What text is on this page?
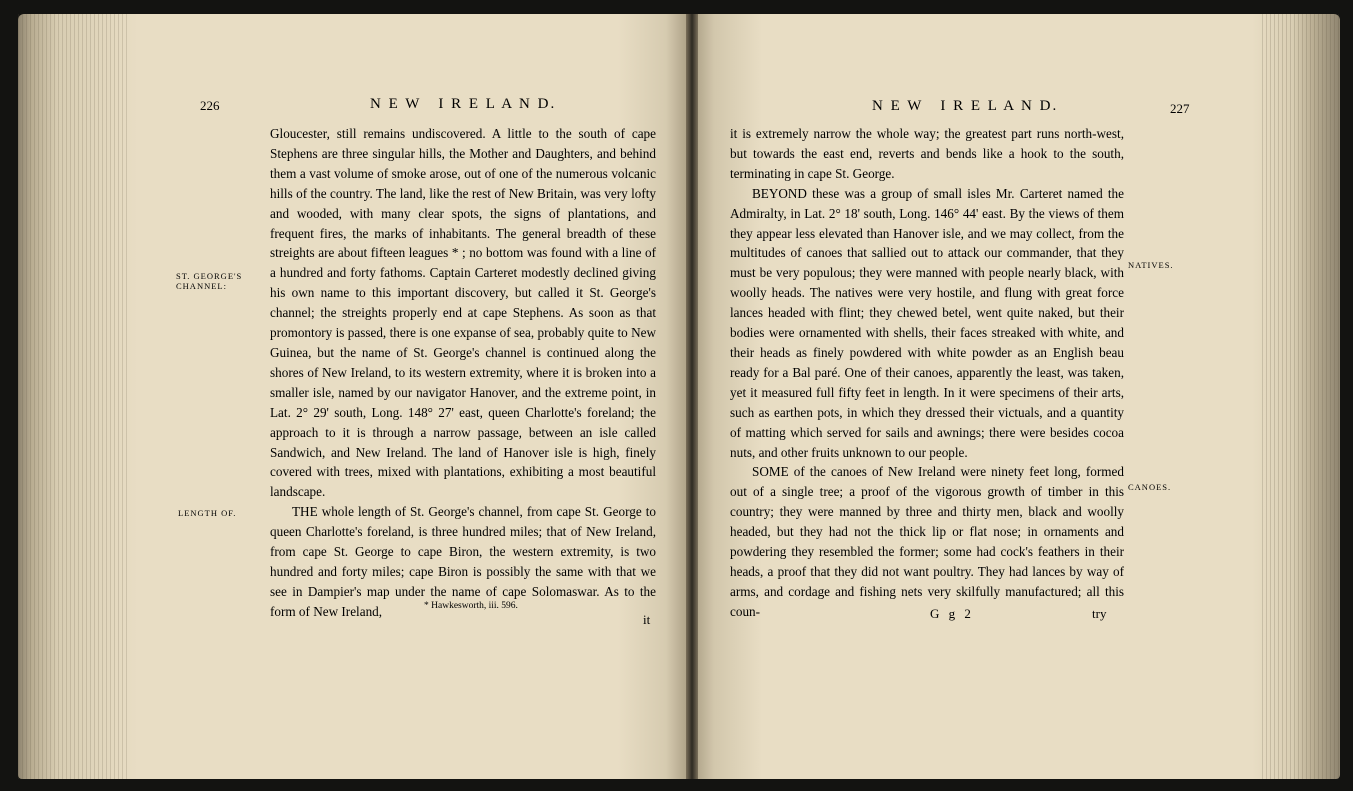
226	N E W   I R E L A N D.
ST. GEORGE'S CHANNEL:
LENGTH OF.

Gloucester, still remains undiscovered. A little to the south of cape Stephens are three singular hills, the Mother and Daughters, and behind them a vast volume of smoke arose, out of one of the numerous volcanic hills of the country. The land, like the rest of New Britain, was very lofty and wooded, with many clear spots, the signs of plantations, and frequent fires, the marks of inhabitants. The general breadth of these streights are about fifteen leagues * ; no bottom was found with a line of a hundred and forty fathoms. Captain Carteret modestly declined giving his own name to this important discovery, but called it St. George's channel; the streights properly end at cape Stephens. As soon as that promontory is passed, there is one expanse of sea, probably quite to New Guinea, but the name of St. George's channel is continued along the shores of New Ireland, to its western extremity, where it is broken into a smaller isle, named by our navigator Hanover, and the extreme point, in Lat. 2° 29' south, Long. 148° 27' east, queen Charlotte's foreland; the approach to it is through a narrow passage, between an isle called Sandwich, and New Ireland. The land of Hanover isle is high, finely covered with trees, mixed with plantations, exhibiting a most beautiful landscape.

THE whole length of St. George's channel, from cape St. George to queen Charlotte's foreland, is three hundred miles; that of New Ireland, from cape St. George to cape Biron, the western extremity, is two hundred and forty miles; cape Biron is possibly the same with that we see in Dampier's map under the name of cape Solomaswar. As to the form of New Ireland,	* Hawkesworth, iii. 596.
it
N E W   I R E L A N D.	227

it is extremely narrow the whole way; the greatest part runs north-west, but towards the east end, reverts and bends like a hook to the south, terminating in cape St. George.

BEYOND these was a group of small isles Mr. Carteret named the Admiralty, in Lat. 2° 18' south, Long. 146° 44' east. By the views of them they appear less elevated than Hanover isle, and we may collect, from the multitudes of canoes that sallied out to attack our commander, that they must be very populous; they were manned with people nearly black, with woolly heads. The natives were very hostile, and flung with great force lances headed with flint; they chewed betel, went quite naked, but their bodies were ornamented with shells, their faces streaked with white, and their heads as finely powdered with white powder as an English beau ready for a Bal paré. One of their canoes, apparently the least, was taken, yet it measured full fifty feet in length. In it were specimens of their arts, such as earthen pots, in which they dressed their victuals, and a quantity of matting which served for sails and awnings; there were besides cocoa nuts, and other fruits unknown to our people.

SOME of the canoes of New Ireland were ninety feet long, formed out of a single tree; a proof of the vigorous growth of timber in this country; they were manned by three and thirty men, black and woolly headed, but they had not the thick lip or flat nose; in ornaments and powdering they resembled the former; some had cock's feathers in their heads, a proof that they did not want poultry. They had lances by way of arms, and cordage and fishing nets very skilfully manufactured; all this coun-

NATIVES.
CANOES.
G g 2	try
